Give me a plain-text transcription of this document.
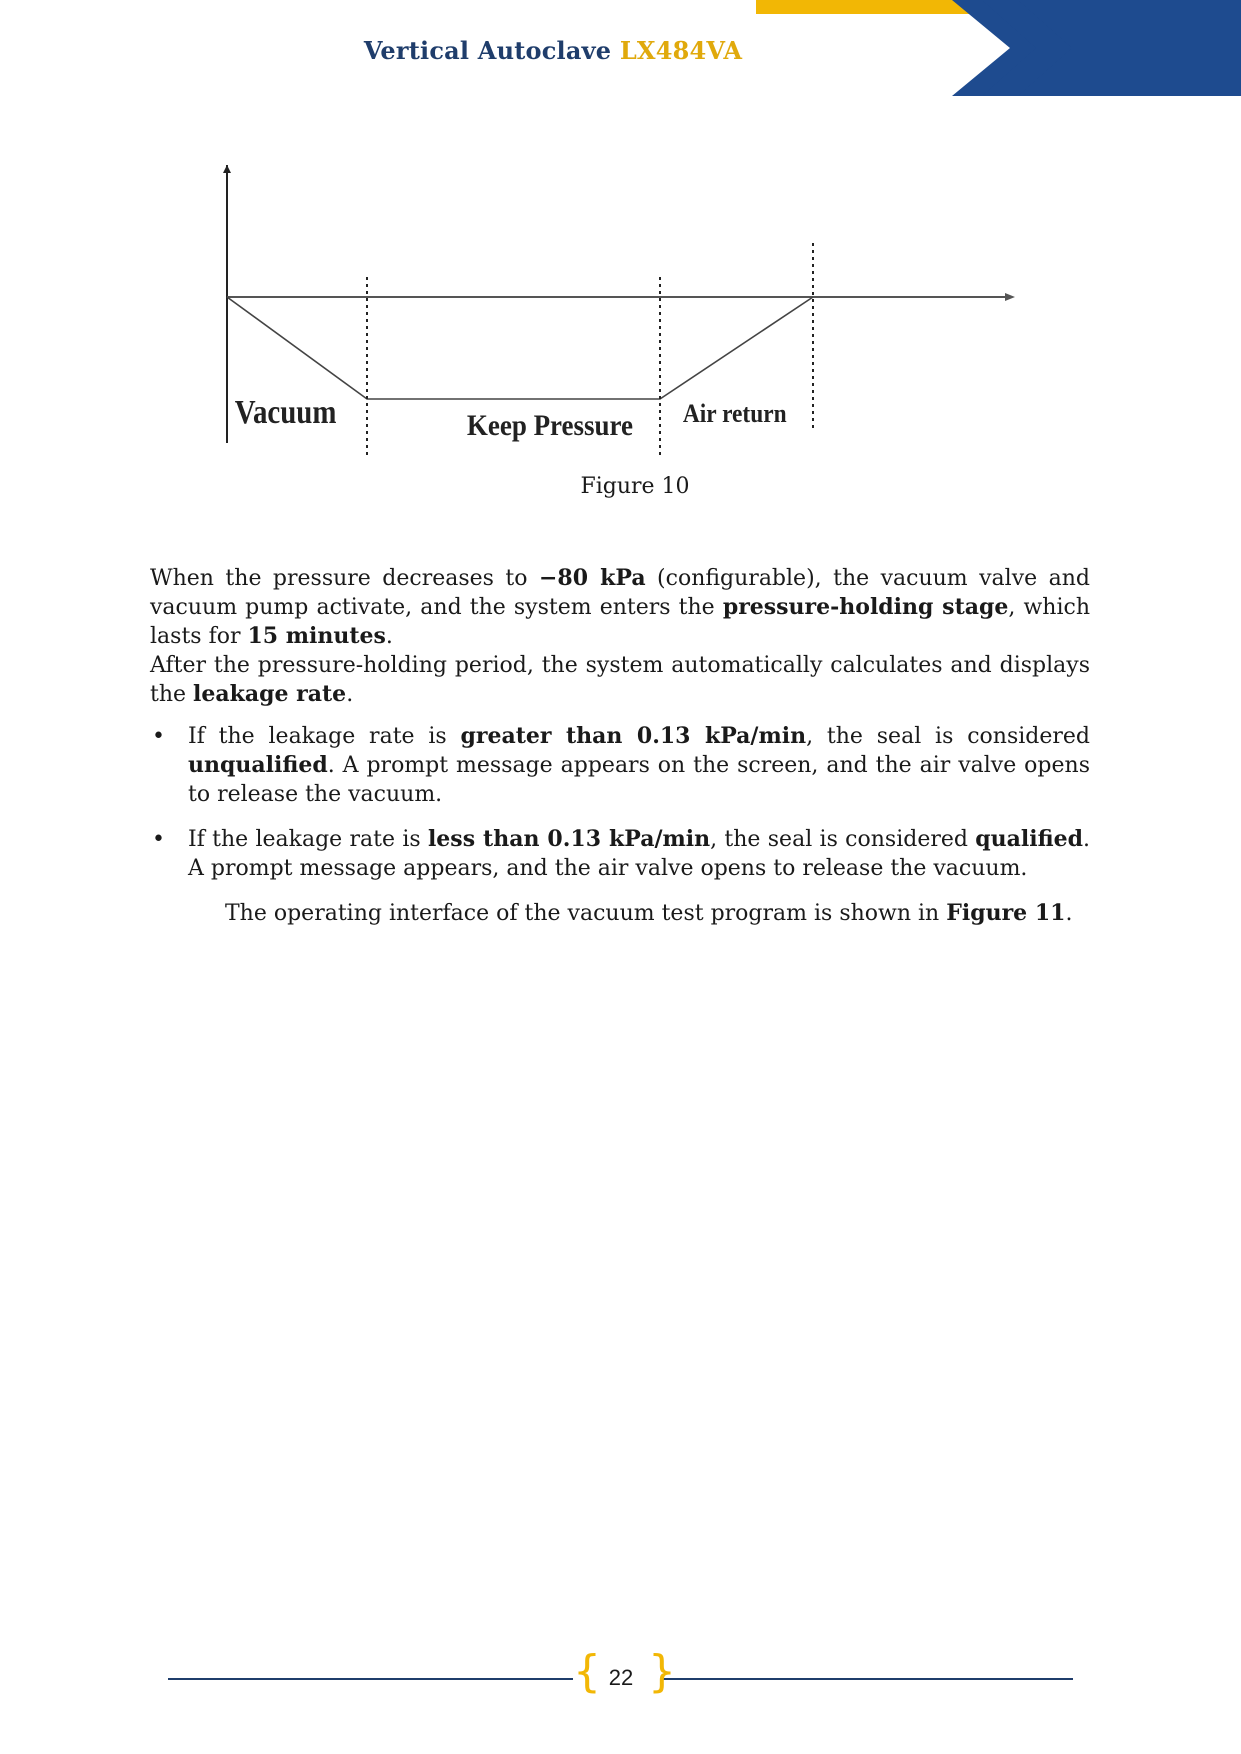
Vertical Autoclave LX484VA
Vacuum	Keep Pressure Air return
Figure 10

When the pressure decreases to −80 kPa (configurable), the vacuum valve and vacuum pump activate, and the system enters the pressure-holding stage, which lasts for 15 minutes.

After the pressure-holding period, the system automatically calculates and displays the leakage rate.

• If the leakage rate is greater than 0.13 kPa/min, the seal is considered unqualified. A prompt message appears on the screen, and the air valve opens to release the vacuum.
• If the leakage rate is less than 0.13 kPa/min, the seal is considered qualified. A prompt message appears, and the air valve opens to release the vacuum.

The operating interface of the vacuum test program is shown in Figure 11.

{ }
22
